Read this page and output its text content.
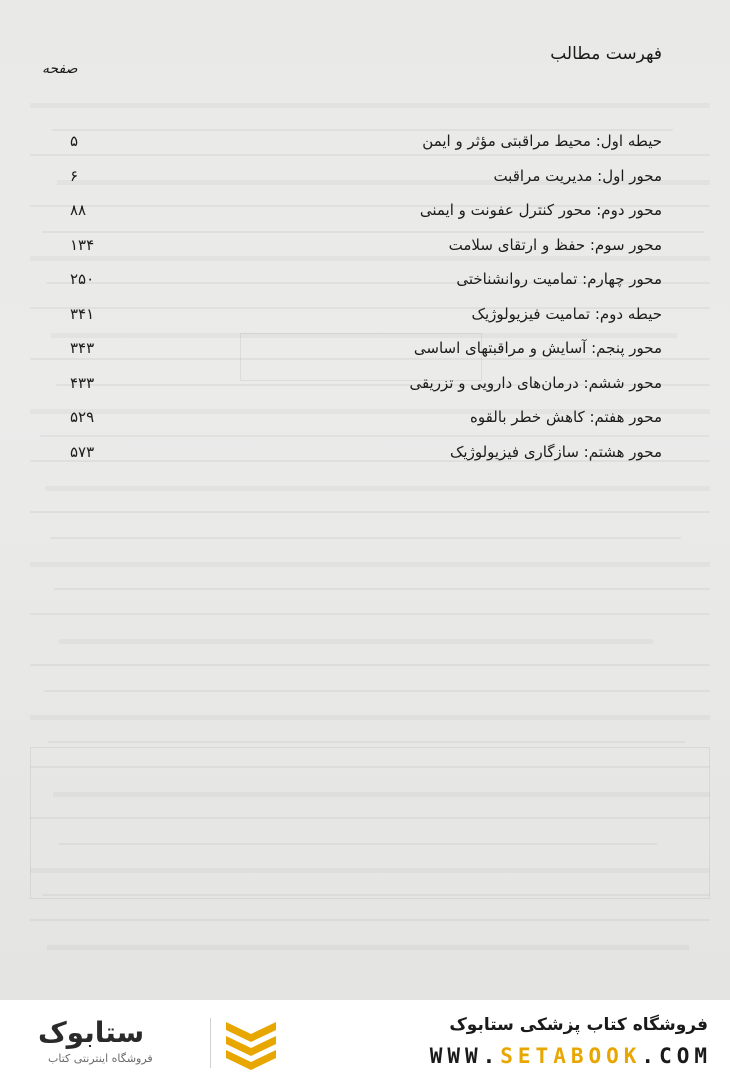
فهرست مطالب
صفحه
حیطه اول: محیط مراقبتی مؤثر و ایمن
۵
محور اول: مدیریت مراقبت
۶
محور دوم: محور کنترل عفونت و ایمنی
۸۸
محور سوم: حفظ و ارتقای سلامت
۱۳۴
محور چهارم: تمامیت روانشناختی
۲۵۰
حیطه دوم: تمامیت فیزیولوژیک
۳۴۱
محور پنجم: آسایش و مراقبتهای اساسی
۳۴۳
محور ششم: درمان‌های دارویی و تزریقی
۴۳۳
محور هفتم: کاهش خطر بالقوه
۵۲۹
محور هشتم: سازگاری فیزیولوژیک
۵۷۳
ستابوک
فروشگاه اینترنتی کتاب
فروشگاه کتاب پزشکی ستابوک
WWW.SETABOOK.COM
